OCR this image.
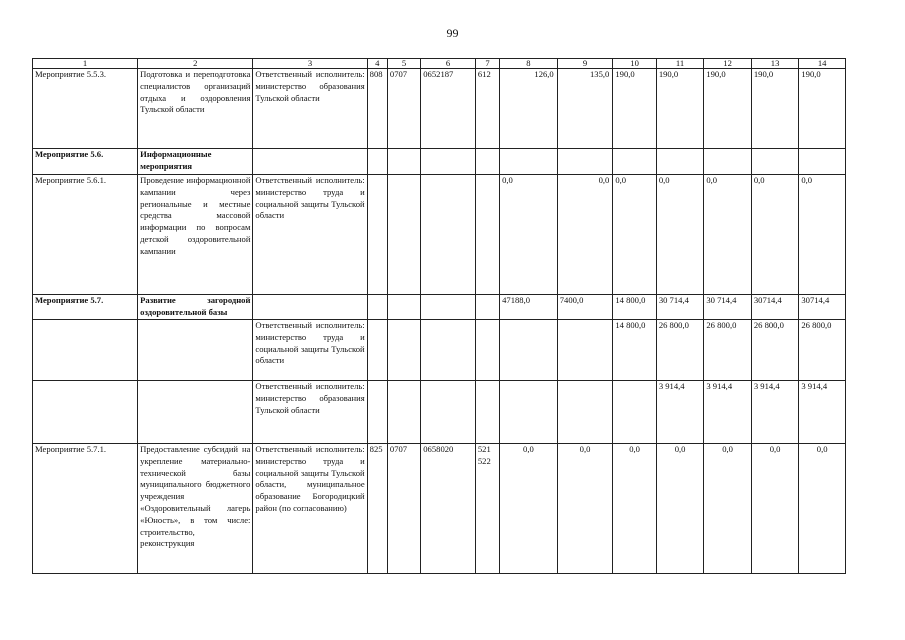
99
1	2	3	4	5	6	7	8	9	10	11	12	13	14
Мероприятие 5.5.3.	Подготовка и переподготовка специалистов организаций отдыха и оздоровления Тульской области	Ответственный исполнитель: министерство образования Тульской области	808	0707	0652187	612	126,0	135,0	190,0	190,0	190,0	190,0	190,0
Мероприятие 5.6.	Информационные мероприятия												
Мероприятие 5.6.1.	Проведение информационной кампании через региональные и местные средства массовой информации по вопросам детской оздоровительной кампании	Ответственный исполнитель: министерство труда и социальной защиты Тульской области					0,0	0,0	0,0	0,0	0,0	0,0	0,0
Мероприятие 5.7.	Развитие загородной оздоровительной базы						47188,0	7400,0	14 800,0	30 714,4	30 714,4	30714,4	30714,4
		Ответственный исполнитель: министерство труда и социальной защиты Тульской области							14 800,0	26 800,0	26 800,0	26 800,0	26 800,0
		Ответственный исполнитель: министерство образования Тульской области								3 914,4	3 914,4	3 914,4	3 914,4
Мероприятие 5.7.1.	Предоставление субсидий на укрепление материально-технической базы муниципального бюджетного учреждения «Оздоровительный лагерь «Юность», в том числе: строительство, реконструкция	Ответственный исполнитель: министерство труда и социальной защиты Тульской области, муниципальное образование Богородицкий район (по согласованию)	825	0707	0658020	521 522	0,0	0,0	0,0	0,0	0,0	0,0	0,0
